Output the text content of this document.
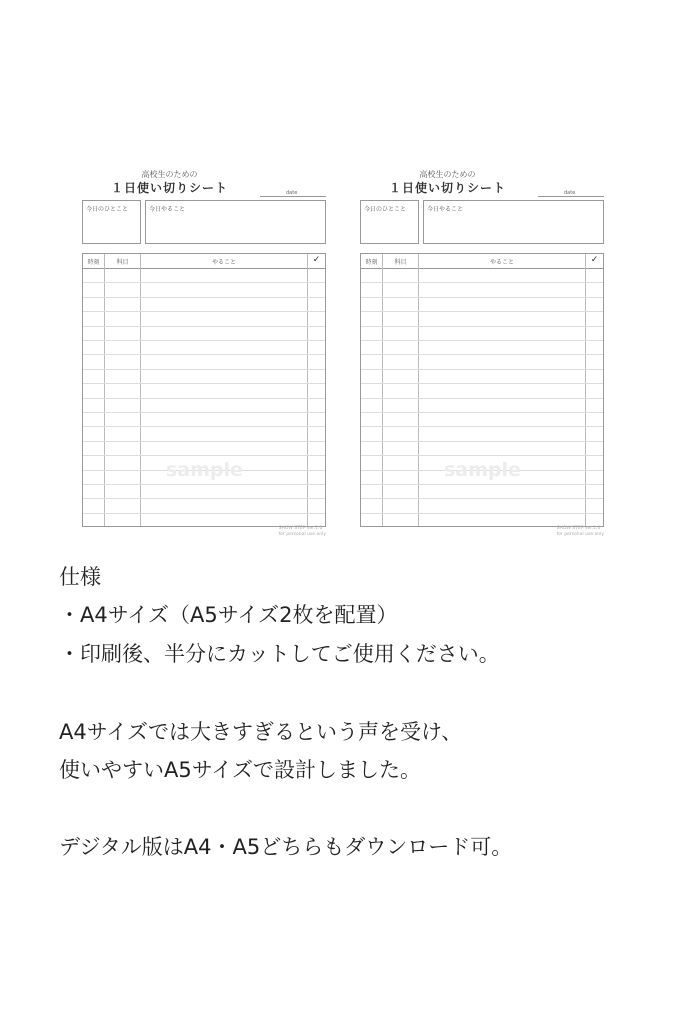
高校生のための
１日使い切りシート	date
今日のひとこと	今日やること
時刻	科目	やること	✓
sample
SHOW STEP ver.1.0
for personal use only
高校生のための
１日使い切りシート	date
今日のひとこと	今日やること
時刻	科目	やること	✓
sample
SHOW STEP ver.1.0
for personal use only
仕様
・A4サイズ（A5サイズ2枚を配置）
・印刷後、半分にカットしてご使用ください。
A4サイズでは大きすぎるという声を受け、
使いやすいA5サイズで設計しました。
デジタル版はA4・A5どちらもダウンロード可。
